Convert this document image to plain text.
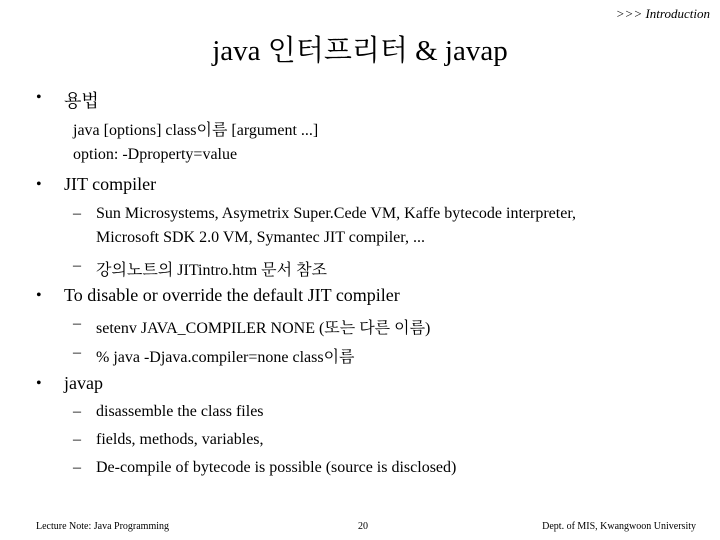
>>> Introduction
java 인터프리터 & javap
• 용법
java [options] class이름 [argument ...]
option: -Dproperty=value
• JIT compiler
– Sun Microsystems, Asymetrix Super.Cede VM, Kaffe bytecode interpreter,
Microsoft SDK 2.0 VM, Symantec JIT compiler, ...
– 강의노트의 JITintro.htm 문서 참조
• To disable or override the default JIT compiler
– setenv JAVA_COMPILER NONE (또는 다른 이름)
– % java -Djava.compiler=none class이름
• javap
– disassemble the class files
– fields, methods, variables,
– De-compile of bytecode is possible (source is disclosed)
Lecture Note: Java Programming	20	Dept. of MIS, Kwangwoon University
